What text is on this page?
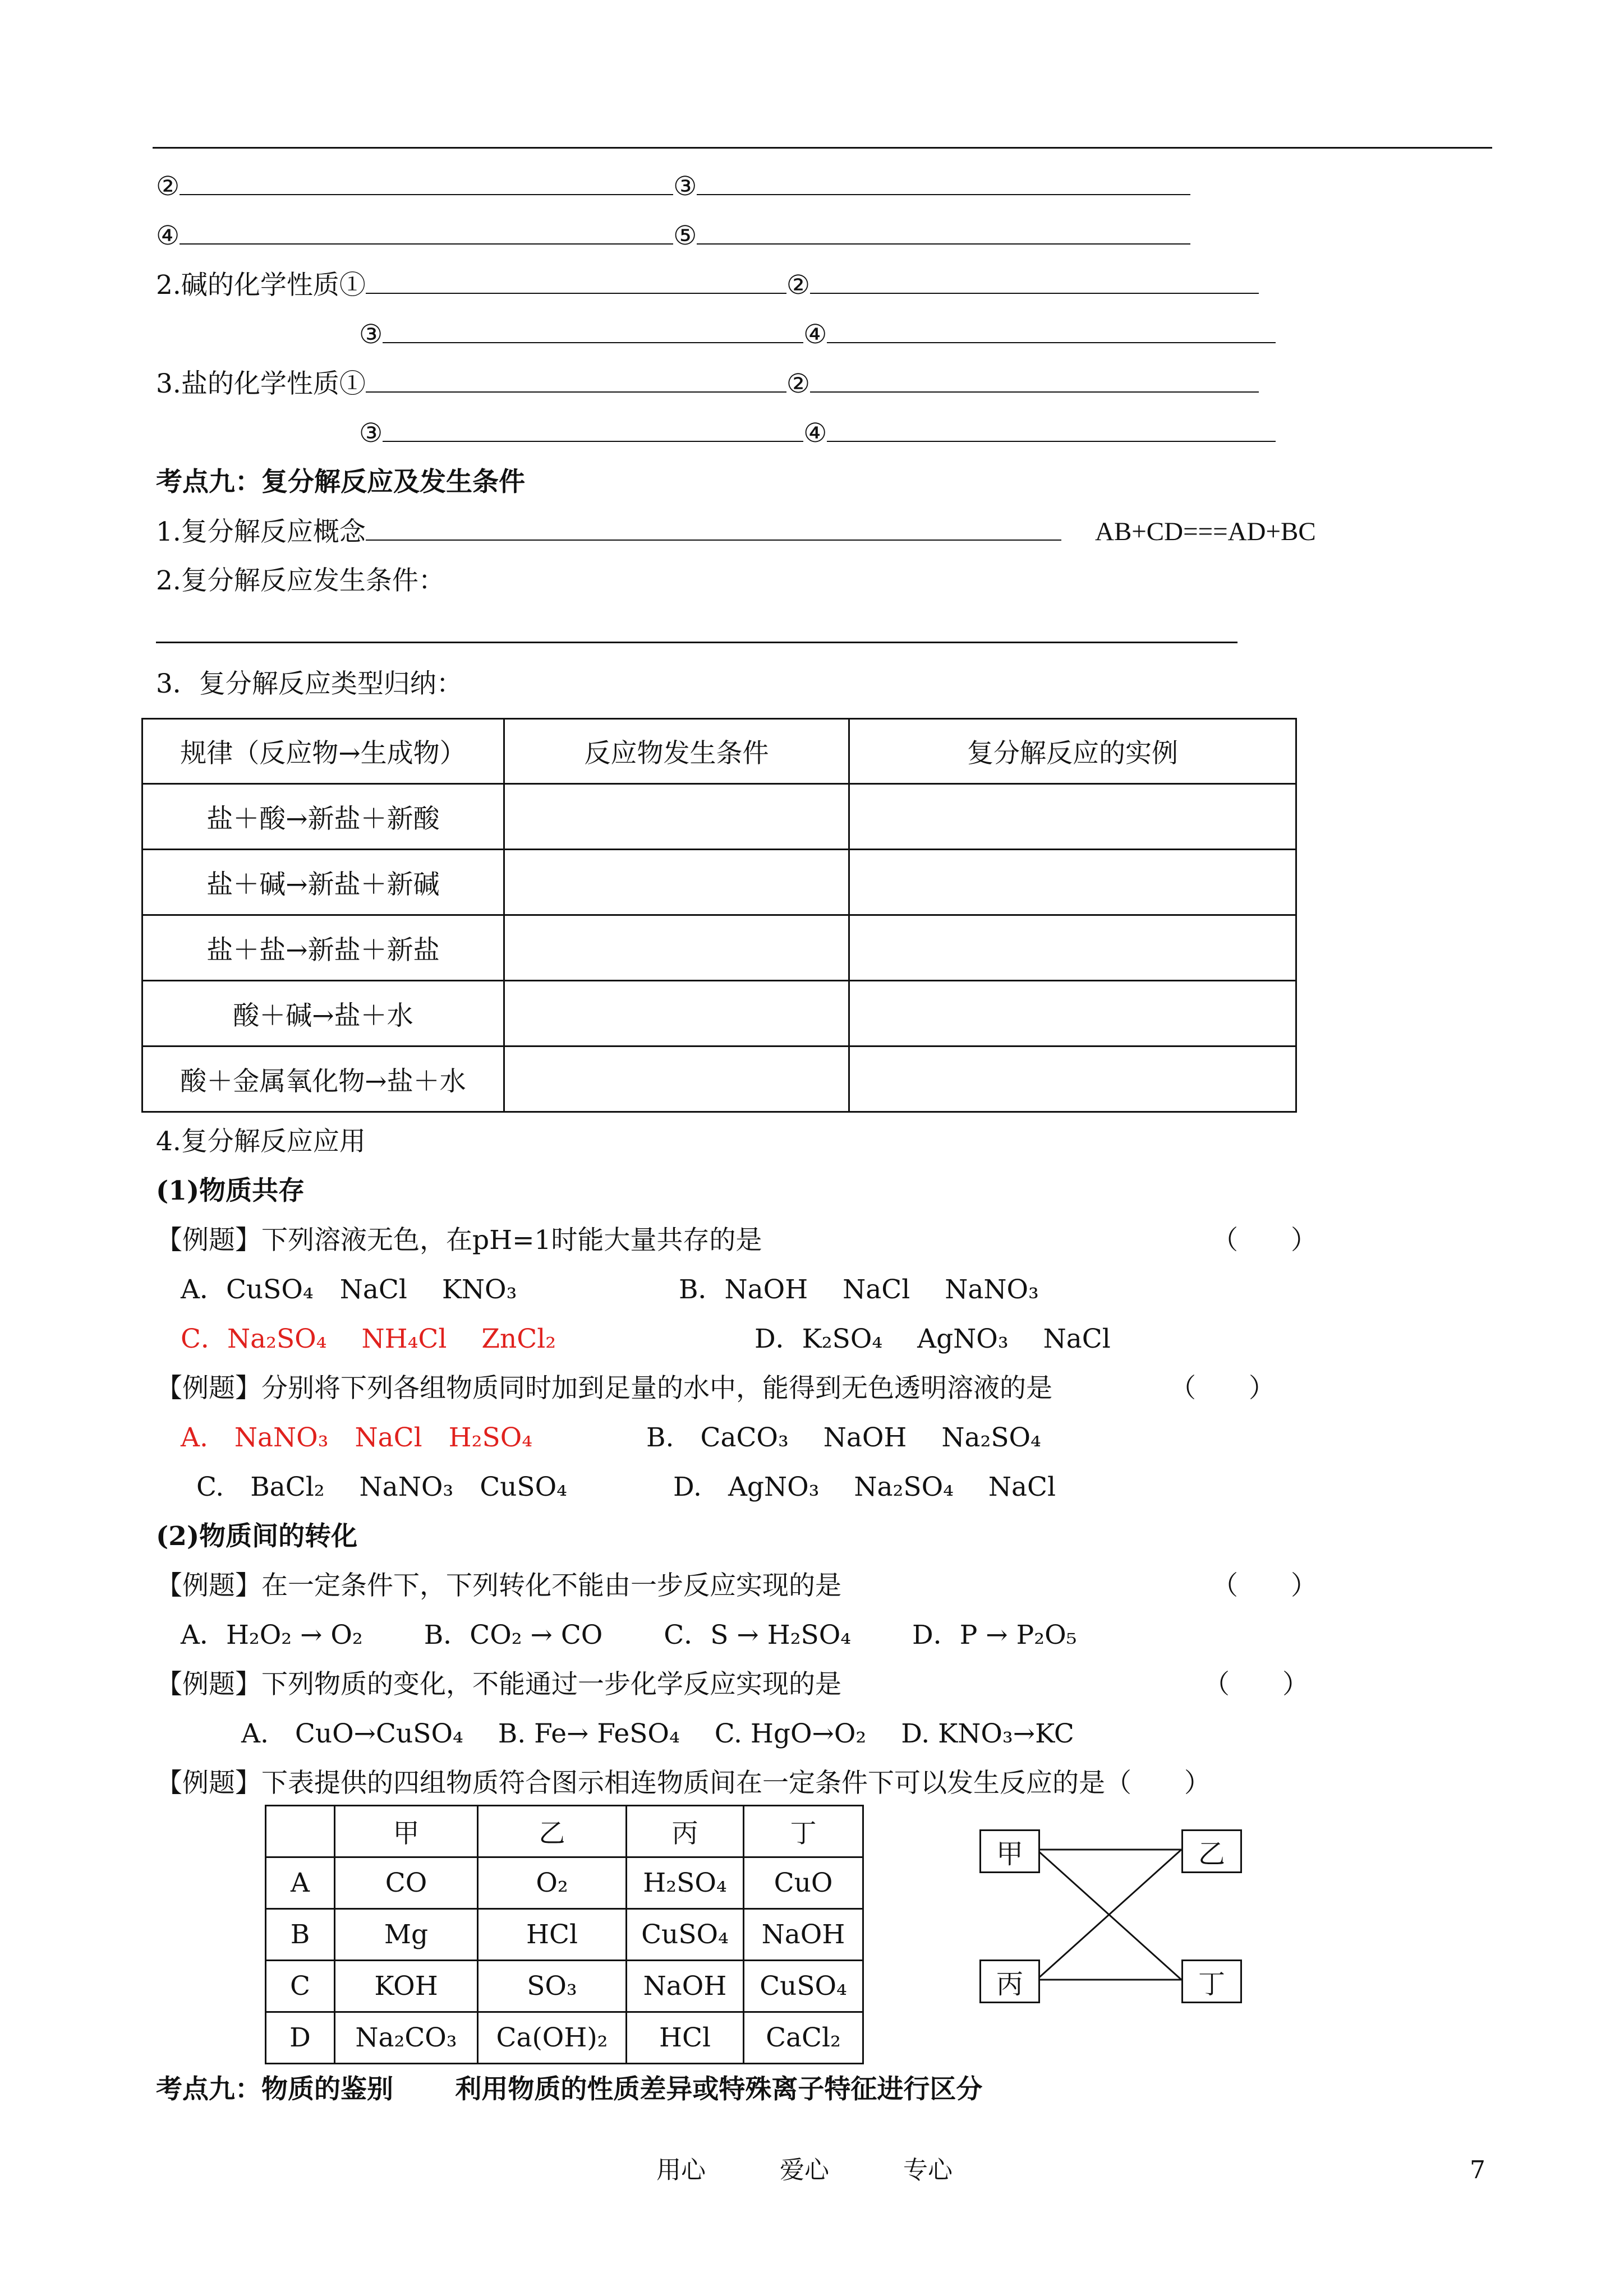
②	③
④	⑤
2.碱的化学性质①	②
③	④
3.盐的化学性质①	②
③	④
考点九：复分解反应及发生条件
1.复分解反应概念	AB+CD===AD+BC
2.复分解反应发生条件：
3．复分解反应类型归纳：
规律（反应物→生成物）	反应物发生条件	复分解反应的实例
盐＋酸→新盐＋新酸		
盐＋碱→新盐＋新碱		
盐＋盐→新盐＋新盐		
酸＋碱→盐＋水		
酸＋金属氧化物→盐＋水		
4.复分解反应应用
(1)物质共存
【例题】下列溶液无色，在pH=1时能大量共存的是	（　　）
A．CuSO₄　NaCl　 KNO₃	B．NaOH　 NaCl　 NaNO₃
C．Na₂SO₄　 NH₄Cl　 ZnCl₂	D．K₂SO₄　 AgNO₃　 NaCl
【例题】分别将下列各组物质同时加到足量的水中，能得到无色透明溶液的是	（　　）
A.　NaNO₃　NaCl　H₂SO₄	B.　CaCO₃　 NaOH　 Na₂SO₄
C.　BaCl₂　 NaNO₃　CuSO₄	D.　AgNO₃　 Na₂SO₄　 NaCl
(2)物质间的转化
【例题】在一定条件下，下列转化不能由一步反应实现的是	（　　）
A．H₂O₂ → O₂　　 B．CO₂ → CO　　 C．S → H₂SO₄　　 D．P → P₂O₅
【例题】下列物质的变化，不能通过一步化学反应实现的是	（　　）
A.　CuO→CuSO₄　 B. Fe→ FeSO₄　 C. HgO→O₂　 D. KNO₃→KC
【例题】下表提供的四组物质符合图示相连物质间在一定条件下可以发生反应的是（　　）
	甲	乙	丙	丁
A	CO	O₂	H₂SO₄	CuO
B	Mg	HCl	CuSO₄	NaOH
C	KOH	SO₃	NaOH	CuSO₄
D	Na₂CO₃	Ca(OH)₂	HCl	CaCl₂
甲	乙
丙	丁
考点九：物质的鉴别　　 利用物质的性质差异或特殊离子特征进行区分
用心　　　爱心　　　专心	7
